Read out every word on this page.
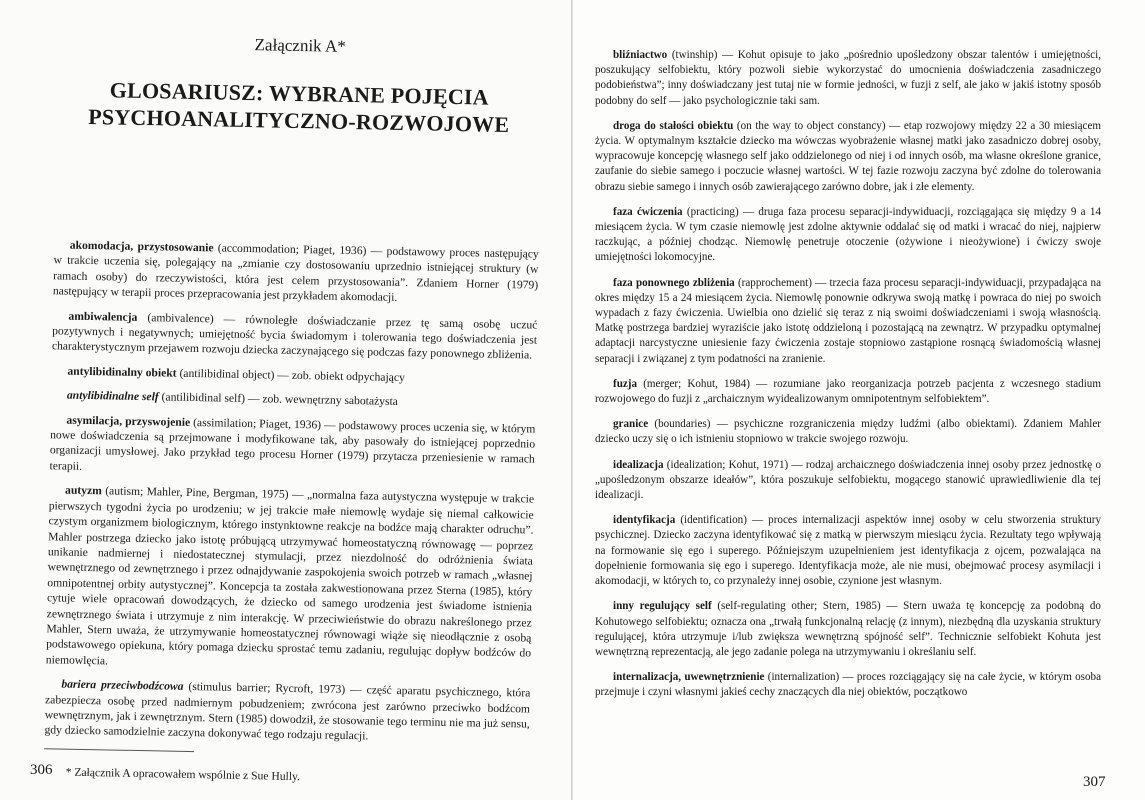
Załącznik A*
GLOSARIUSZ: WYBRANE POJĘCIA
PSYCHOANALITYCZNO-ROZWOJOWE

akomodacja, przystosowanie (accommodation; Piaget, 1936) — podstawowy proces następujący w trakcie uczenia się, polegający na „zmianie czy dostosowaniu uprzednio istniejącej struktury (w ramach osoby) do rzeczywistości, która jest celem przystosowania”. Zdaniem Horner (1979) następujący w terapii proces przepracowania jest przykładem akomodacji.

ambiwalencja (ambivalence) — równoległe doświadczanie przez tę samą osobę uczuć pozytywnych i negatywnych; umiejętność bycia świadomym i tolerowania tego doświadczenia jest charakterystycznym przejawem rozwoju dziecka zaczynającego się podczas fazy ponownego zbliżenia.

antylibidinalny obiekt (antilibidinal object) — zob. obiekt odpychający

antylibidinalne self (antilibidinal self) — zob. wewnętrzny sabotażysta

asymilacja, przyswojenie (assimilation; Piaget, 1936) — podstawowy proces uczenia się, w którym nowe doświadczenia są przejmowane i modyfikowane tak, aby pasowały do istniejącej poprzednio organizacji umysłowej. Jako przykład tego procesu Horner (1979) przytacza przeniesienie w ramach terapii.

autyzm (autism; Mahler, Pine, Bergman, 1975) — „normalna faza autystyczna występuje w trakcie pierwszych tygodni życia po urodzeniu; w jej trakcie małe niemowlę wydaje się niemal całkowicie czystym organizmem biologicznym, którego instynktowne reakcje na bodźce mają charakter odruchu”. Mahler postrzega dziecko jako istotę próbującą utrzymywać homeostatyczną równowagę — poprzez unikanie nadmiernej i niedostatecznej stymulacji, przez niezdolność do odróżnienia świata wewnętrznego od zewnętrznego i przez odnajdywanie zaspokojenia swoich potrzeb w ramach „własnej omnipotentnej orbity autystycznej”. Koncepcja ta została zakwestionowana przez Sterna (1985), który cytuje wiele opracowań dowodzących, że dziecko od samego urodzenia jest świadome istnienia zewnętrznego świata i utrzymuje z nim interakcję. W przeciwieństwie do obrazu nakreślonego przez Mahler, Stern uważa, że utrzymywanie homeostatycznej równowagi wiąże się nieodłącznie z osobą podstawowego opiekuna, który pomaga dziecku sprostać temu zadaniu, regulując dopływ bodźców do niemowlęcia.

bariera przeciwbodźcowa (stimulus barrier; Rycroft, 1973) — część aparatu psychicznego, która zabezpiecza osobę przed nadmiernym pobudzeniem; zwrócona jest zarówno przeciwko bodźcom wewnętrznym, jak i zewnętrznym. Stern (1985) dowodził, że stosowanie tego terminu nie ma już sensu, gdy dziecko samodzielnie zaczyna dokonywać tego rodzaju regulacji.

* Załącznik A opracowałem wspólnie z Sue Hully.
306

bliźniactwo (twinship) — Kohut opisuje to jako „pośrednio upośledzony obszar talentów i umiejętności, poszukujący selfobiektu, który pozwoli siebie wykorzystać do umocnienia doświadczenia zasadniczego podobieństwa”; inny doświadczany jest tutaj nie w formie jedności, w fuzji z self, ale jako w jakiś istotny sposób podobny do self — jako psychologicznie taki sam.

droga do stałości obiektu (on the way to object constancy) — etap rozwojowy między 22 a 30 miesiącem życia. W optymalnym kształcie dziecko ma wówczas wyobrażenie własnej matki jako zasadniczo dobrej osoby, wypracowuje koncepcję własnego self jako oddzielonego od niej i od innych osób, ma własne określone granice, zaufanie do siebie samego i poczucie własnej wartości. W tej fazie rozwoju zaczyna być zdolne do tolerowania obrazu siebie samego i innych osób zawierającego zarówno dobre, jak i złe elementy.

faza ćwiczenia (practicing) — druga faza procesu separacji-indywiduacji, rozciągająca się między 9 a 14 miesiącem życia. W tym czasie niemowlę jest zdolne aktywnie oddalać się od matki i wracać do niej, najpierw raczkując, a później chodząc. Niemowlę penetruje otoczenie (ożywione i nieożywione) i ćwiczy swoje umiejętności lokomocyjne.

faza ponownego zbliżenia (rapprochement) — trzecia faza procesu separacji-indywiduacji, przypadająca na okres między 15 a 24 miesiącem życia. Niemowlę ponownie odkrywa swoją matkę i powraca do niej po swoich wypadach z fazy ćwiczenia. Uwielbia ono dzielić się teraz z nią swoimi doświadczeniami i swoją własnością. Matkę postrzega bardziej wyraziście jako istotę oddzieloną i pozostającą na zewnątrz. W przypadku optymalnej adaptacji narcystyczne uniesienie fazy ćwiczenia zostaje stopniowo zastąpione rosnącą świadomością własnej separacji i związanej z tym podatności na zranienie.

fuzja (merger; Kohut, 1984) — rozumiane jako reorganizacja potrzeb pacjenta z wczesnego stadium rozwojowego do fuzji z „archaicznym wyidealizowanym omnipotentnym selfobiektem”.

granice (boundaries) — psychiczne rozgraniczenia między ludźmi (albo obiektami). Zdaniem Mahler dziecko uczy się o ich istnieniu stopniowo w trakcie swojego rozwoju.

idealizacja (idealization; Kohut, 1971) — rodzaj archaicznego doświadczenia innej osoby przez jednostkę o „upośledzonym obszarze ideałów”, która poszukuje selfobiektu, mogącego stanowić uprawiedliwienie dla tej idealizacji.

identyfikacja (identification) — proces internalizacji aspektów innej osoby w celu stworzenia struktury psychicznej. Dziecko zaczyna identyfikować się z matką w pierwszym miesiącu życia. Rezultaty tego wpływają na formowanie się ego i superego. Późniejszym uzupełnieniem jest identyfikacja z ojcem, pozwalająca na dopełnienie formowania się ego i superego. Identyfikacja może, ale nie musi, obejmować procesy asymilacji i akomodacji, w których to, co przynależy innej osobie, czynione jest własnym.

inny regulujący self (self-regulating other; Stern, 1985) — Stern uważa tę koncepcję za podobną do Kohutowego selfobiektu; oznacza ona „trwałą funkcjonalną relację (z innym), niezbędną dla uzyskania struktury regulującej, która utrzymuje i/lub zwiększa wewnętrzną spójność self”. Technicznie selfobiekt Kohuta jest wewnętrzną reprezentacją, ale jego zadanie polega na utrzymywaniu i określaniu self.

internalizacja, uwewnętrznienie (internalization) — proces rozciągający się na całe życie, w którym osoba przejmuje i czyni własnymi jakieś cechy znaczących dla niej obiektów, początkowo

307
